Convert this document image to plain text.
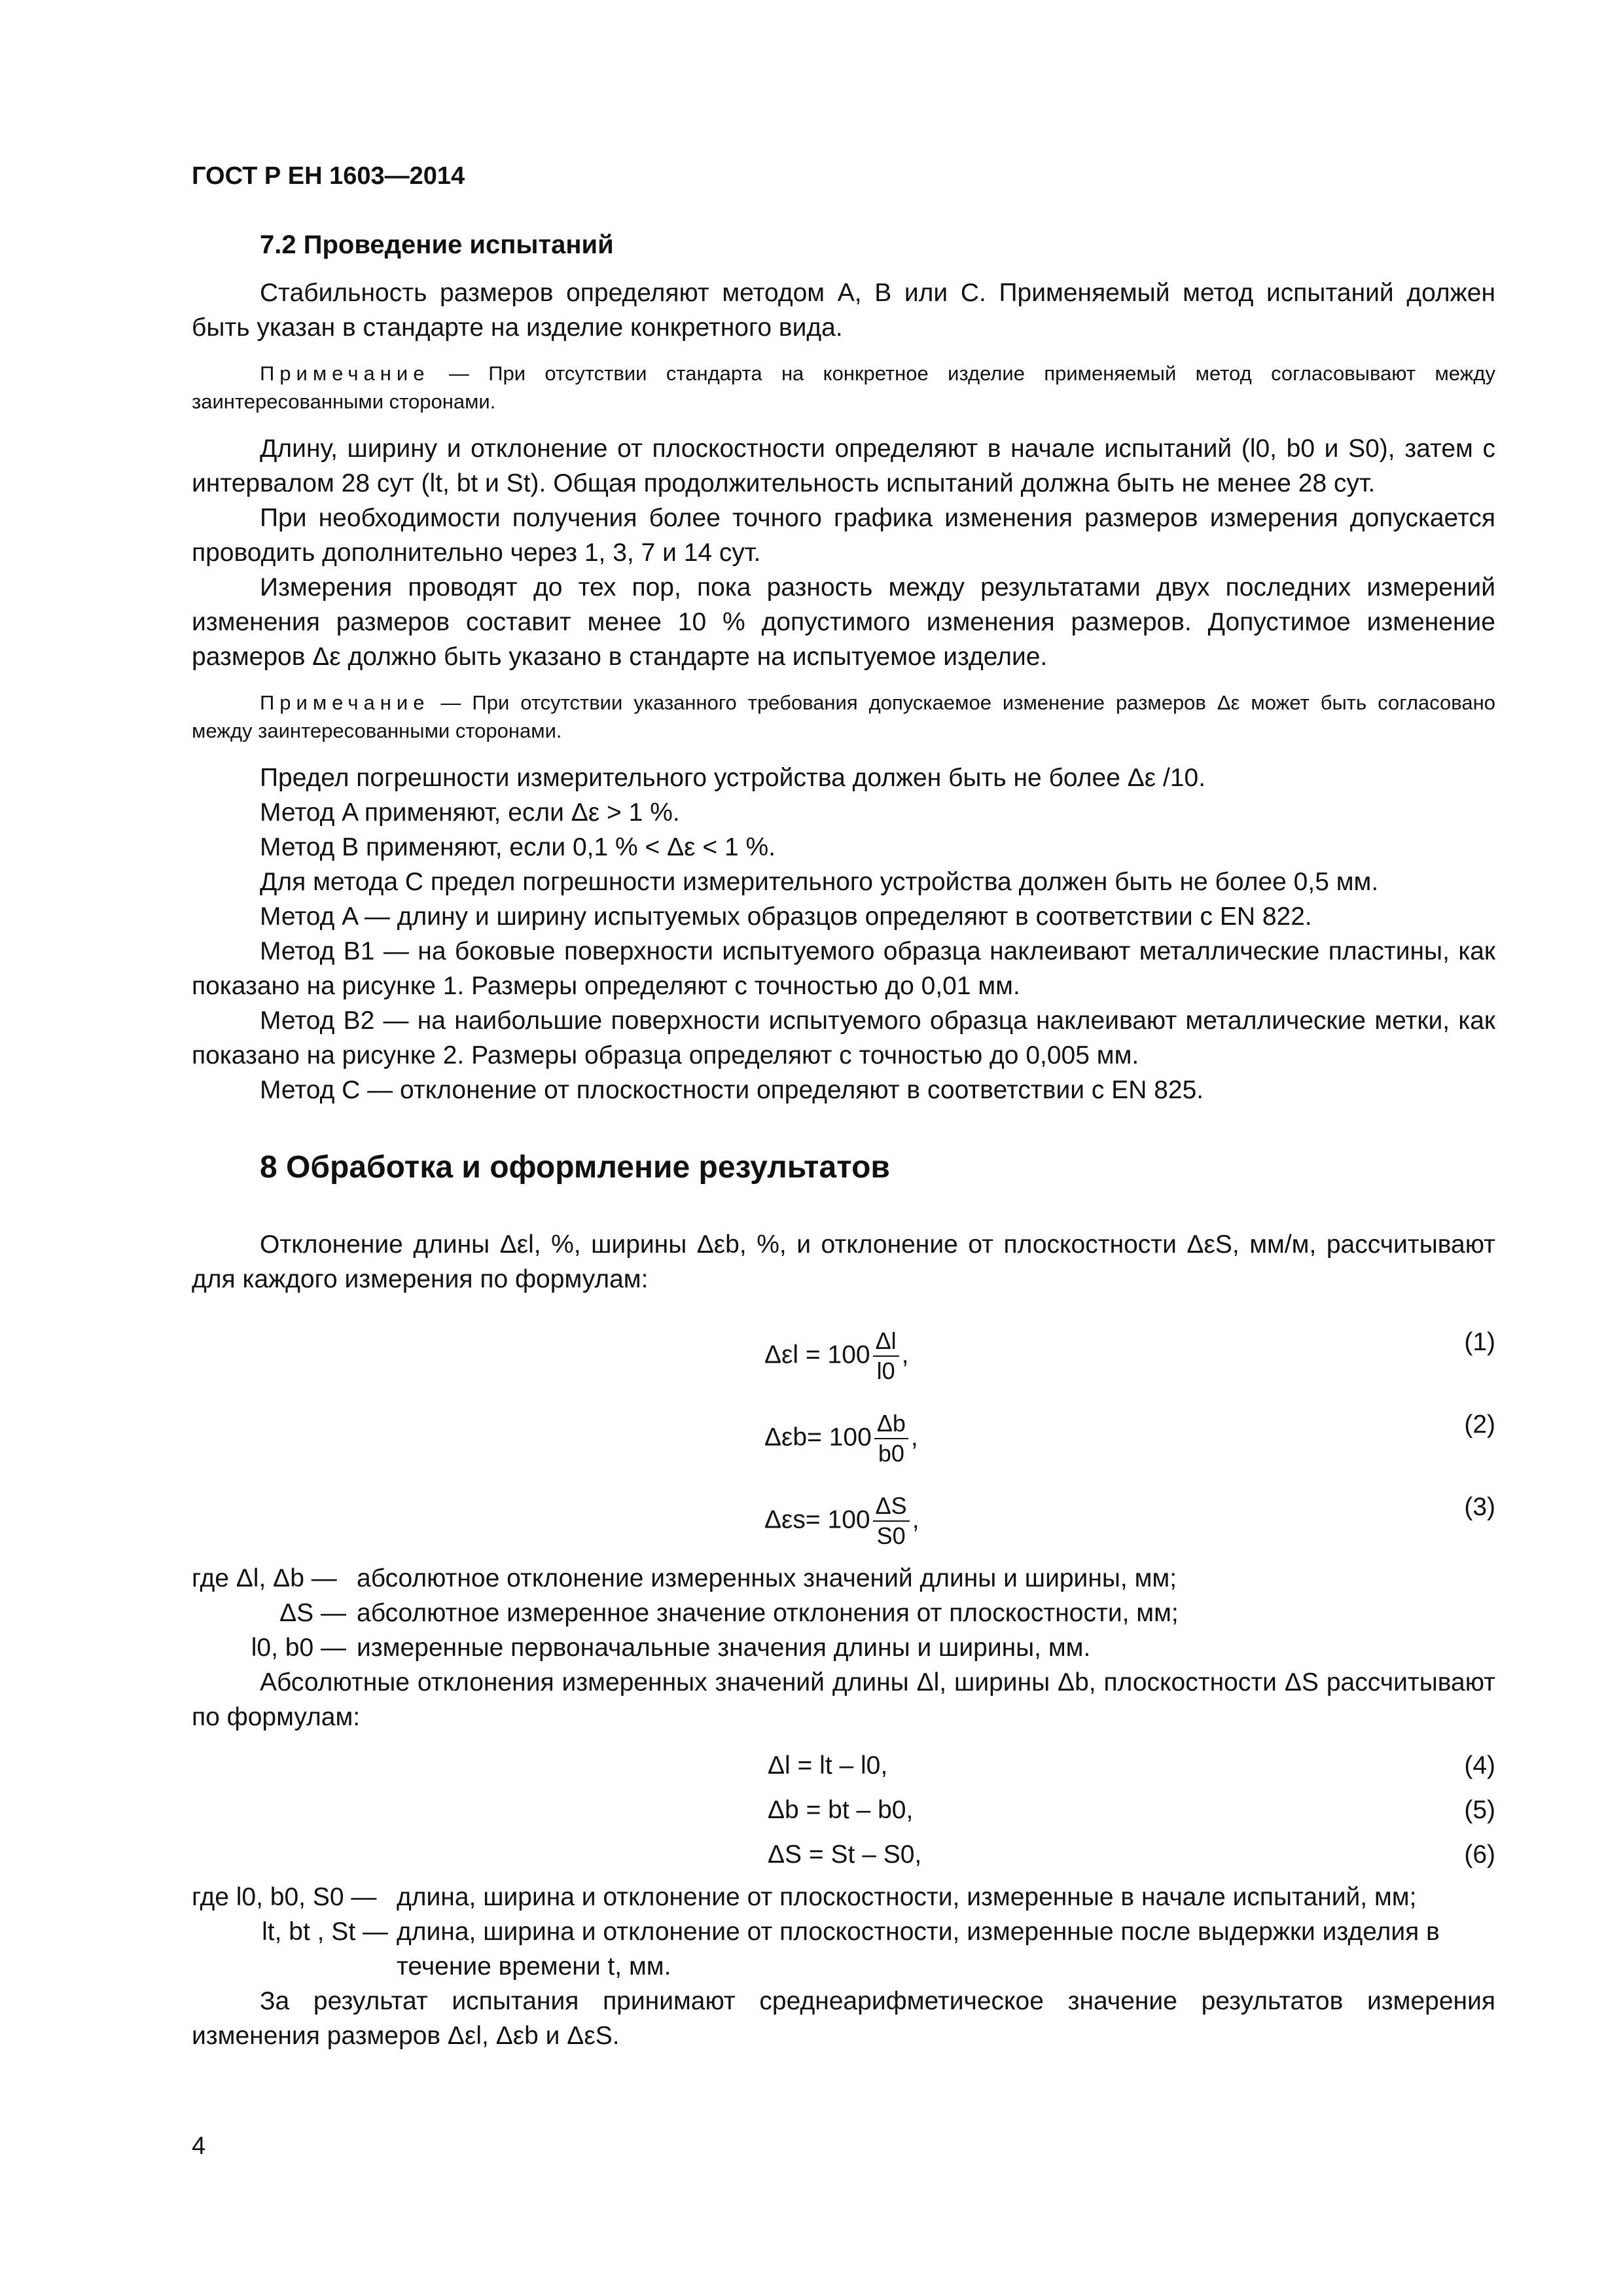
ГОСТ Р ЕН 1603—2014

7.2 Проведение испытаний

Стабильность размеров определяют методом A, B или C. Применяемый метод испытаний должен быть указан в стандарте на изделие конкретного вида.

Примечание — При отсутствии стандарта на конкретное изделие применяемый метод согласовывают между заинтересованными сторонами.

Длину, ширину и отклонение от плоскостности определяют в начале испытаний (l0, b0 и S0), затем с интервалом 28 сут (lt, bt и St). Общая продолжительность испытаний должна быть не менее 28 сут.

При необходимости получения более точного графика изменения размеров измерения допускается проводить дополнительно через 1, 3, 7 и 14 сут.

Измерения проводят до тех пор, пока разность между результатами двух последних измерений изменения размеров составит менее 10 % допустимого изменения размеров. Допустимое изменение размеров Δε должно быть указано в стандарте на испытуемое изделие.

Примечание — При отсутствии указанного требования допускаемое изменение размеров Δε может быть согласовано между заинтересованными сторонами.

Предел погрешности измерительного устройства должен быть не более Δε /10.

Метод A применяют, если Δε > 1 %.

Метод B применяют, если 0,1 % < Δε < 1 %.

Для метода C предел погрешности измерительного устройства должен быть не более 0,5 мм.

Метод A — длину и ширину испытуемых образцов определяют в соответствии с EN 822.

Метод B1 — на боковые поверхности испытуемого образца наклеивают металлические пластины, как показано на рисунке 1. Размеры определяют с точностью до 0,01 мм.

Метод B2 — на наибольшие поверхности испытуемого образца наклеивают металлические метки, как показано на рисунке 2. Размеры образца определяют с точностью до 0,005 мм.

Метод C — отклонение от плоскостности определяют в соответствии с EN 825.

8 Обработка и оформление результатов

Отклонение длины Δεl, %, ширины Δεb, %, и отклонение от плоскостности ΔεS, мм/м, рассчитывают для каждого измерения по формулам:

$\Delta\varepsilon l = 100 \frac{\Delta l}{l0}$ ,	(1)
$\Delta\varepsilon b= 100 \frac{\Delta b}{b0}$ ,	(2)
$\Delta\varepsilon s= 100 \frac{\Delta S}{S0}$ ,	(3)
где Δl, Δb — абсолютное отклонение измеренных значений длины и ширины, мм;
ΔS — абсолютное измеренное значение отклонения от плоскостности, мм;
l0, b0 — измеренные первоначальные значения длины и ширины, мм.

Абсолютные отклонения измеренных значений длины Δl, ширины Δb, плоскостности ΔS рассчитывают по формулам:

Δl = lt – l0,	(4)
Δb = bt – b0,	(5)
ΔS = St – S0,	(6)
где l0, b0, S0 — длина, ширина и отклонение от плоскостности, измеренные в начале испытаний, мм;
lt, bt , St — длина, ширина и отклонение от плоскостности, измеренные после выдержки изделия в течение времени t, мм.

За результат испытания принимают среднеарифметическое значение результатов измерения изменения размеров Δεl, Δεb и ΔεS.

4
